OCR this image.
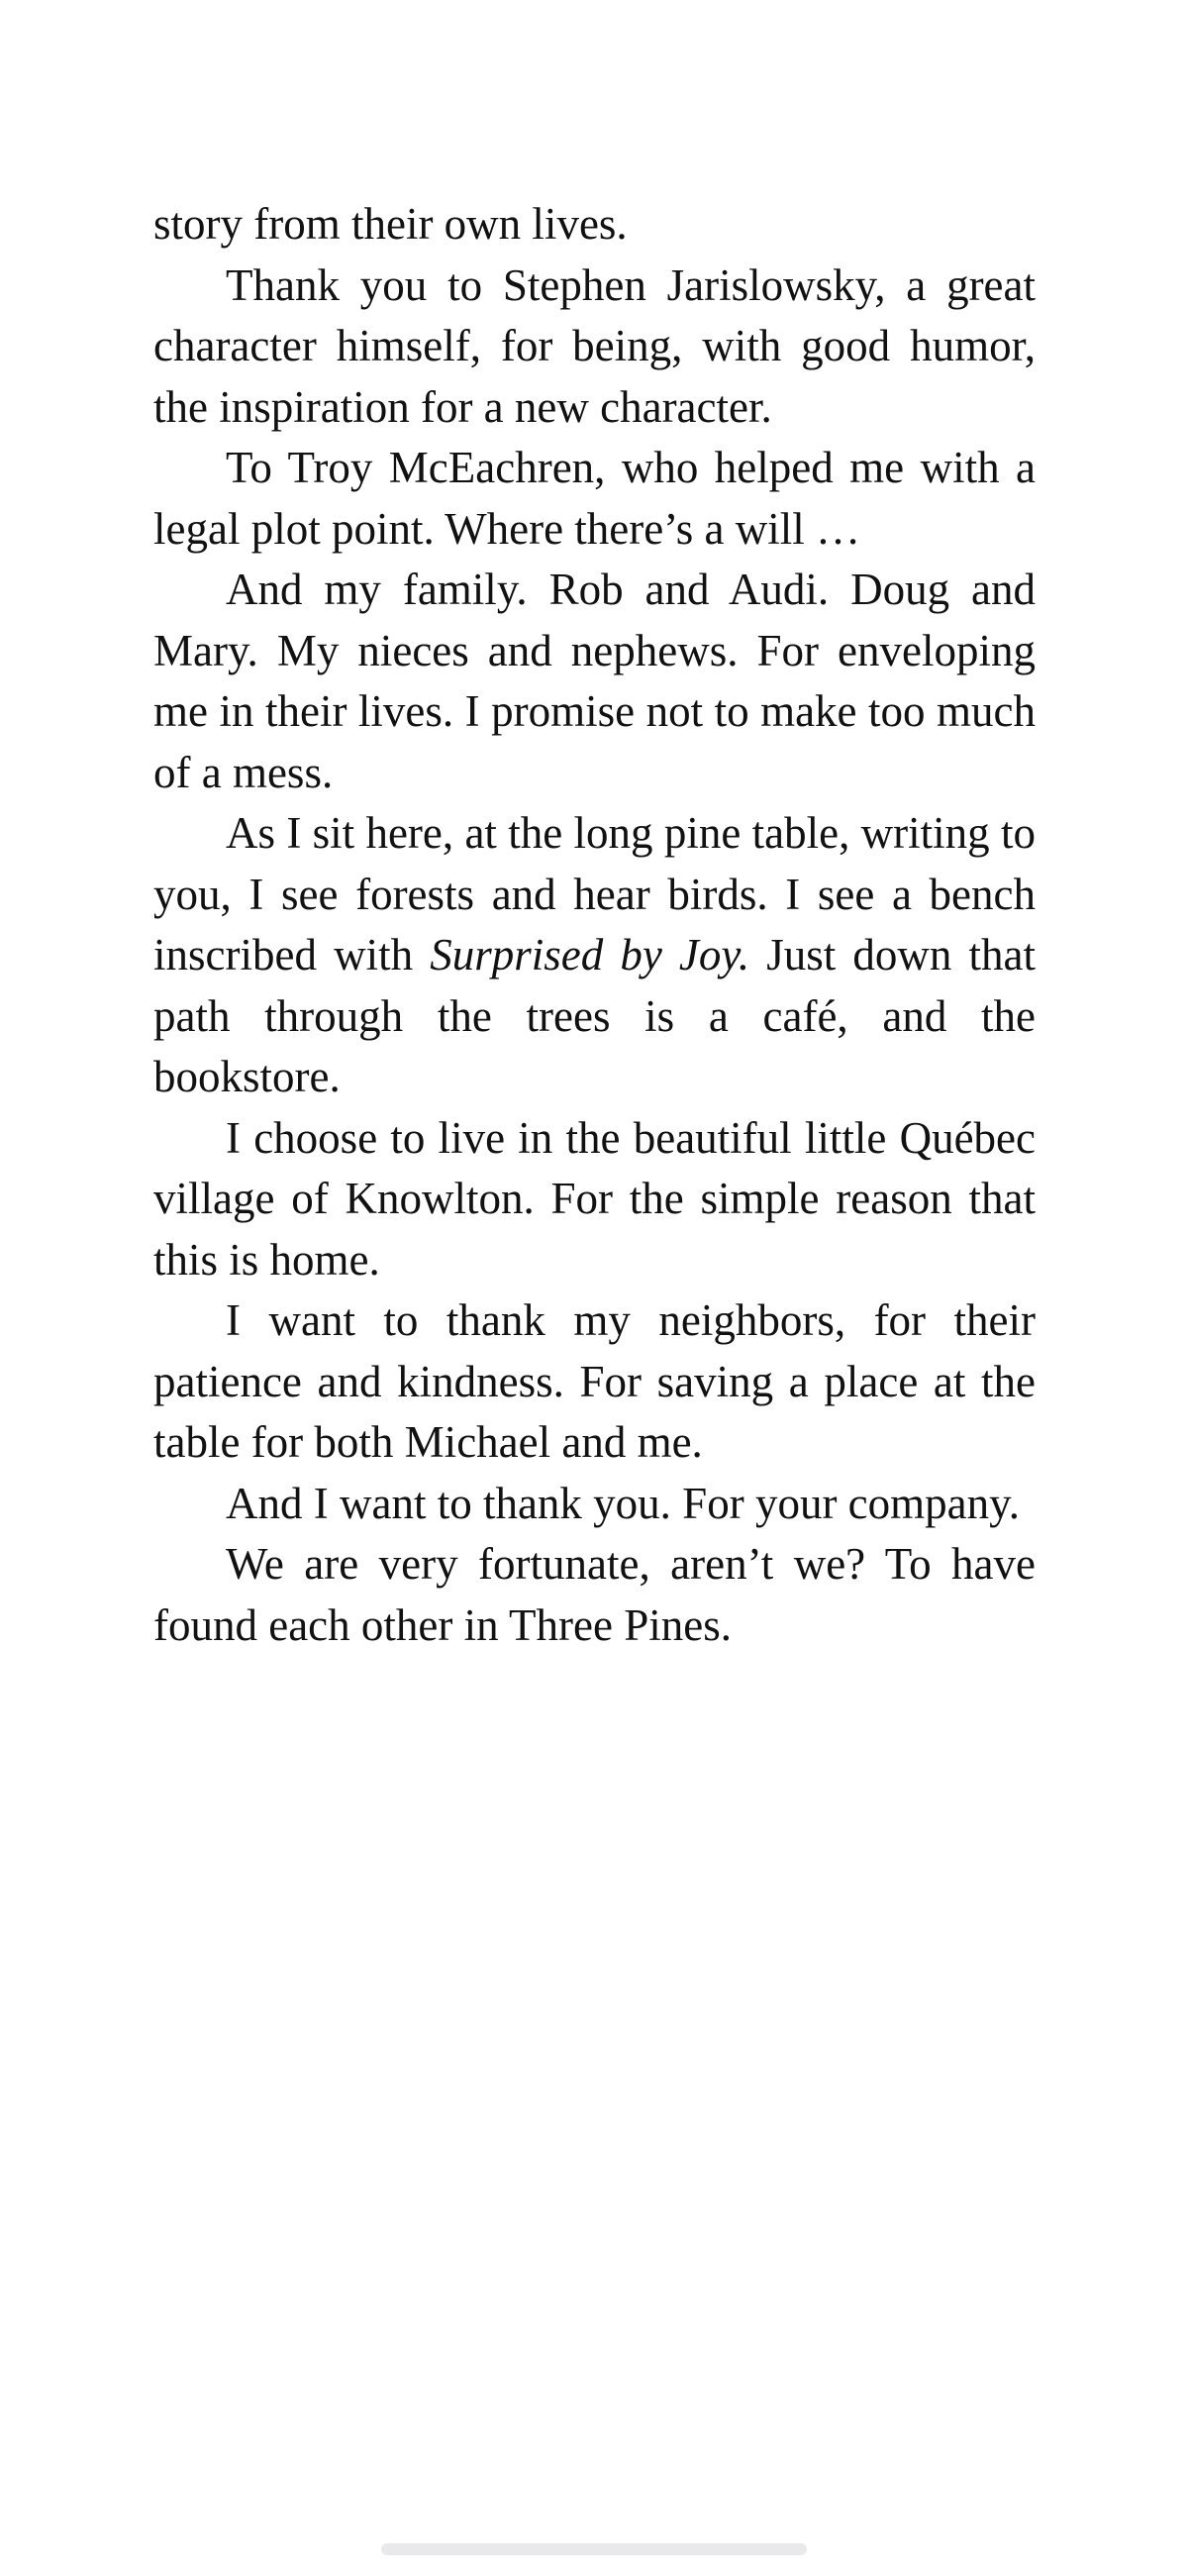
story from their own lives.

Thank you to Stephen Jarislowsky, a great character himself, for being, with good humor, the inspiration for a new character.

To Troy McEachren, who helped me with a legal plot point. Where there’s a will …

And my family. Rob and Audi. Doug and Mary. My nieces and nephews. For enveloping me in their lives. I promise not to make too much of a mess.

As I sit here, at the long pine table, writing to you, I see forests and hear birds. I see a bench inscribed with Surprised by Joy. Just down that path through the trees is a café, and the bookstore.

I choose to live in the beautiful little Québec village of Knowlton. For the simple reason that this is home.

I want to thank my neighbors, for their patience and kindness. For saving a place at the table for both Michael and me.

And I want to thank you. For your company.

We are very fortunate, aren’t we? To have found each other in Three Pines.
